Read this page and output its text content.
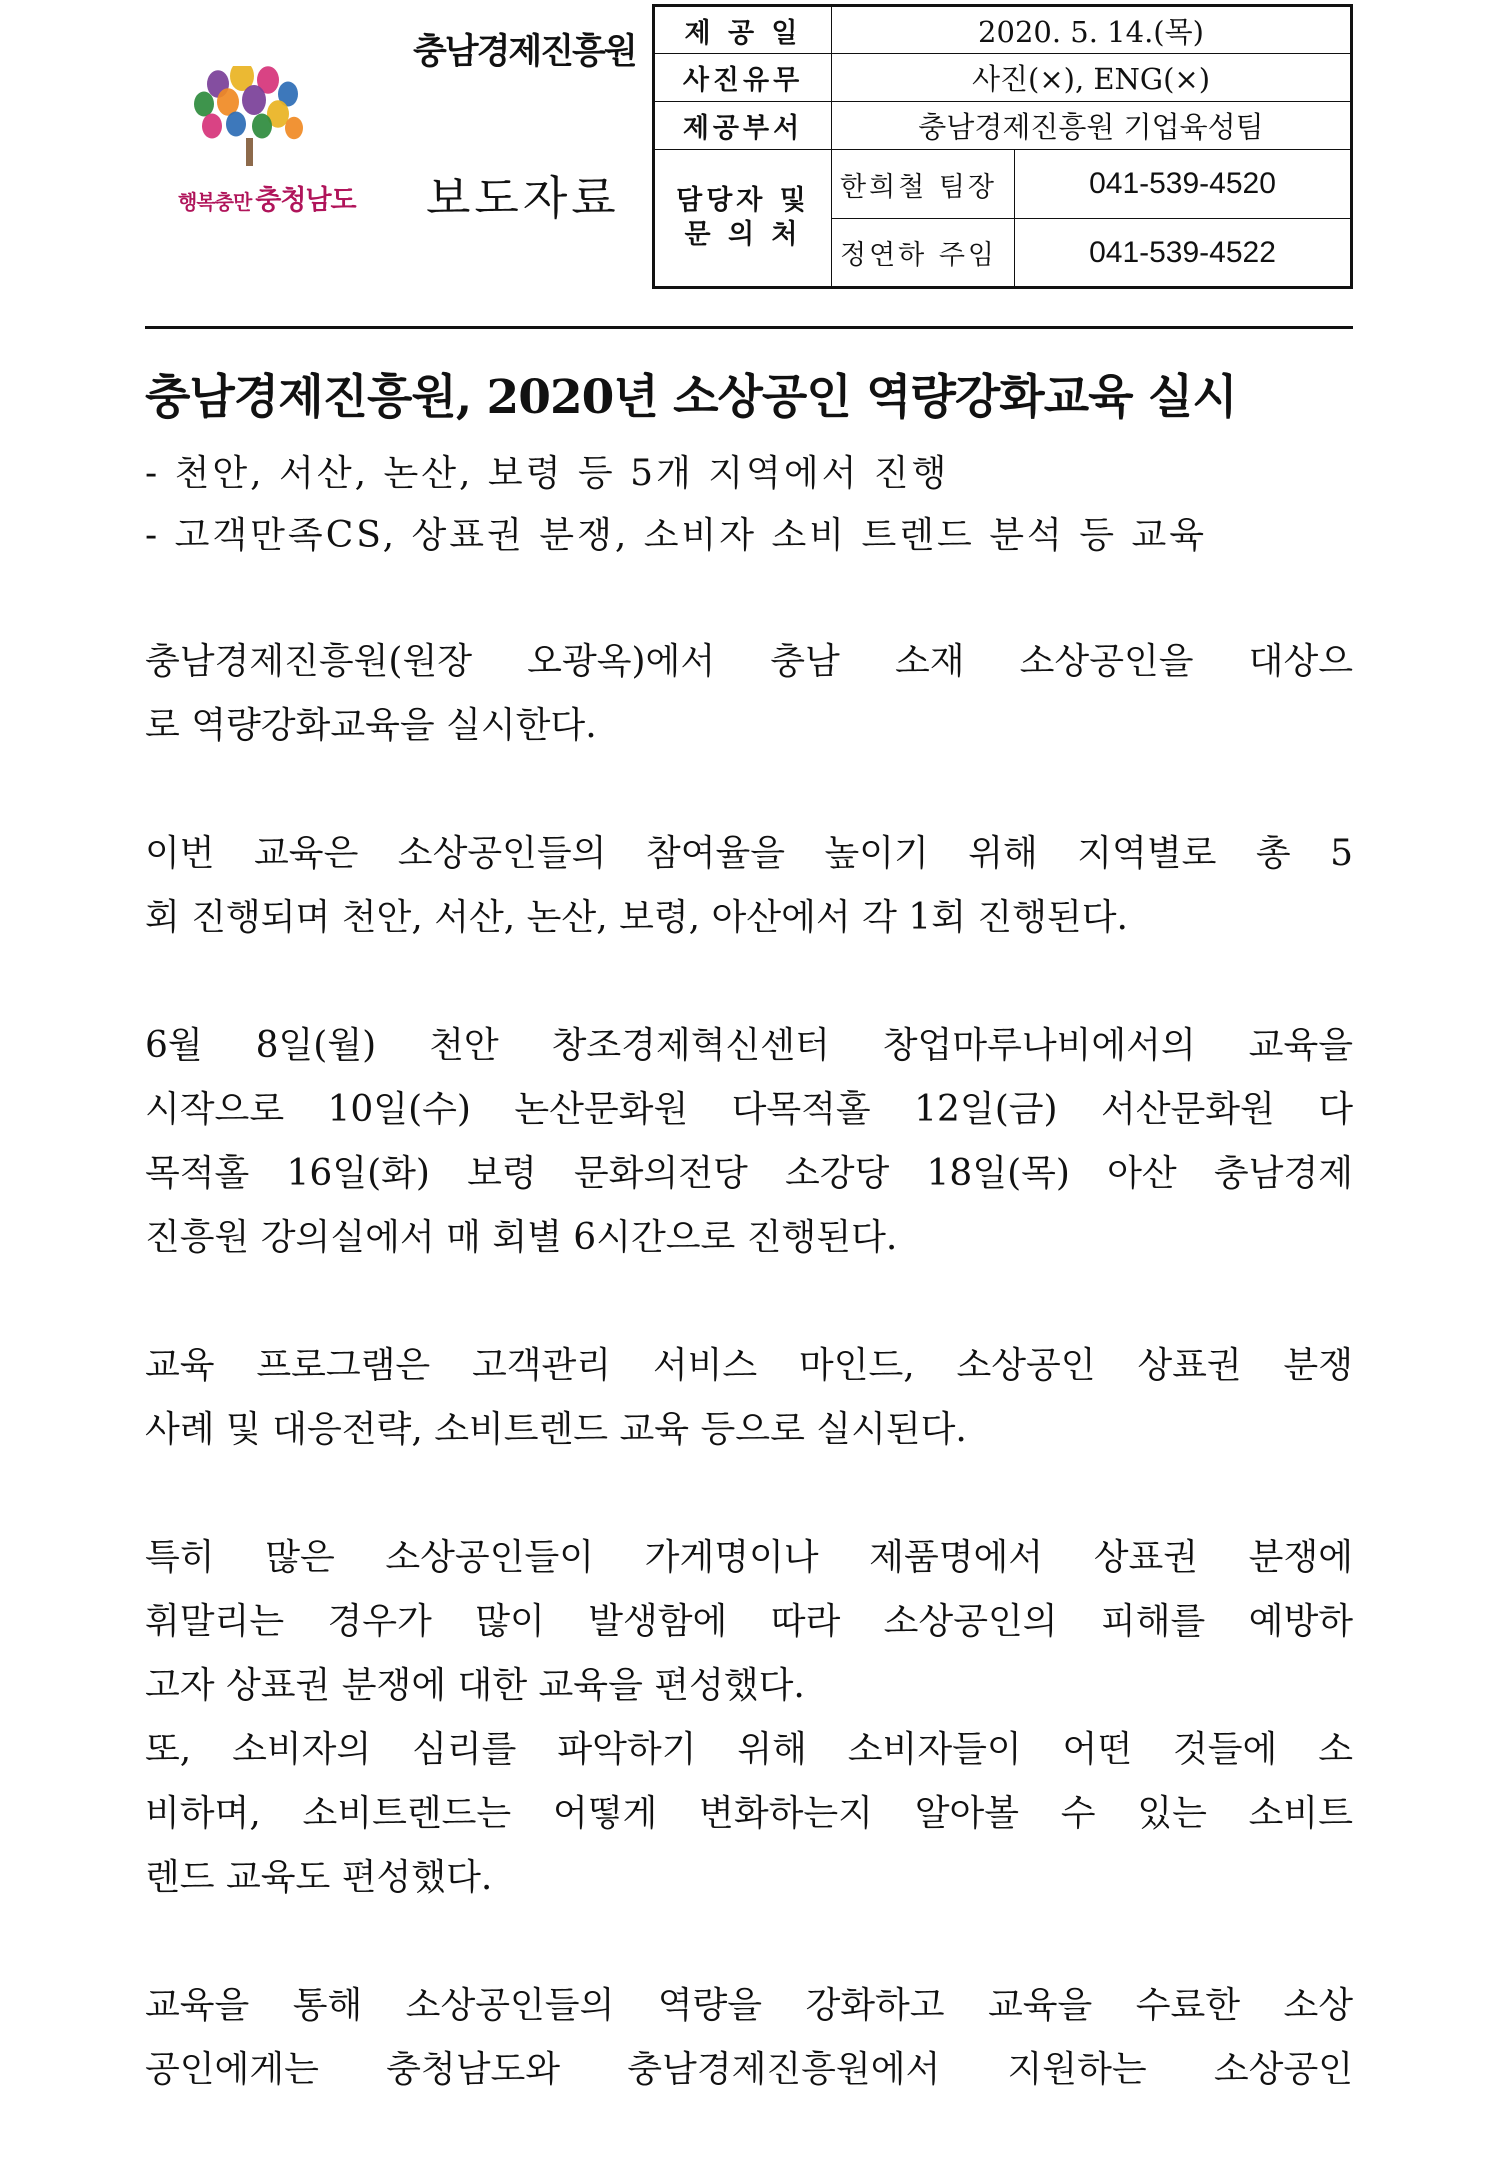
행복충만 충청남도
충남경제진흥원
보도자료
제 공 일	2020. 5. 14.(목)	
사진유무	사진(×), ENG(×)	
제공부서	충남경제진흥원 기업육성팀	

담당자 및
문 의 처	한희철 팀장	041-539-4520
	정연하 주임	041-539-4522
충남경제진흥원, 2020년 소상공인 역량강화교육 실시
- 천안, 서산, 논산, 보령 등 5개 지역에서 진행
- 고객만족CS, 상표권 분쟁, 소비자 소비 트렌드 분석 등 교육
충남경제진흥원(원장 오광옥)에서 충남 소재 소상공인을 대상으
로 역량강화교육을 실시한다.
이번 교육은 소상공인들의 참여율을 높이기 위해 지역별로 총 5
회 진행되며 천안, 서산, 논산, 보령, 아산에서 각 1회 진행된다.
6월 8일(월) 천안 창조경제혁신센터 창업마루나비에서의 교육을
시작으로 10일(수) 논산문화원 다목적홀 12일(금) 서산문화원 다
목적홀 16일(화) 보령 문화의전당 소강당 18일(목) 아산 충남경제
진흥원 강의실에서 매 회별 6시간으로 진행된다.
교육 프로그램은 고객관리 서비스 마인드, 소상공인 상표권 분쟁
사례 및 대응전략, 소비트렌드 교육 등으로 실시된다.
특히 많은 소상공인들이 가게명이나 제품명에서 상표권 분쟁에
휘말리는 경우가 많이 발생함에 따라 소상공인의 피해를 예방하
고자 상표권 분쟁에 대한 교육을 편성했다.
또, 소비자의 심리를 파악하기 위해 소비자들이 어떤 것들에 소
비하며, 소비트렌드는 어떻게 변화하는지 알아볼 수 있는 소비트
렌드 교육도 편성했다.
교육을 통해 소상공인들의 역량을 강화하고 교육을 수료한 소상
공인에게는 충청남도와 충남경제진흥원에서 지원하는 소상공인
